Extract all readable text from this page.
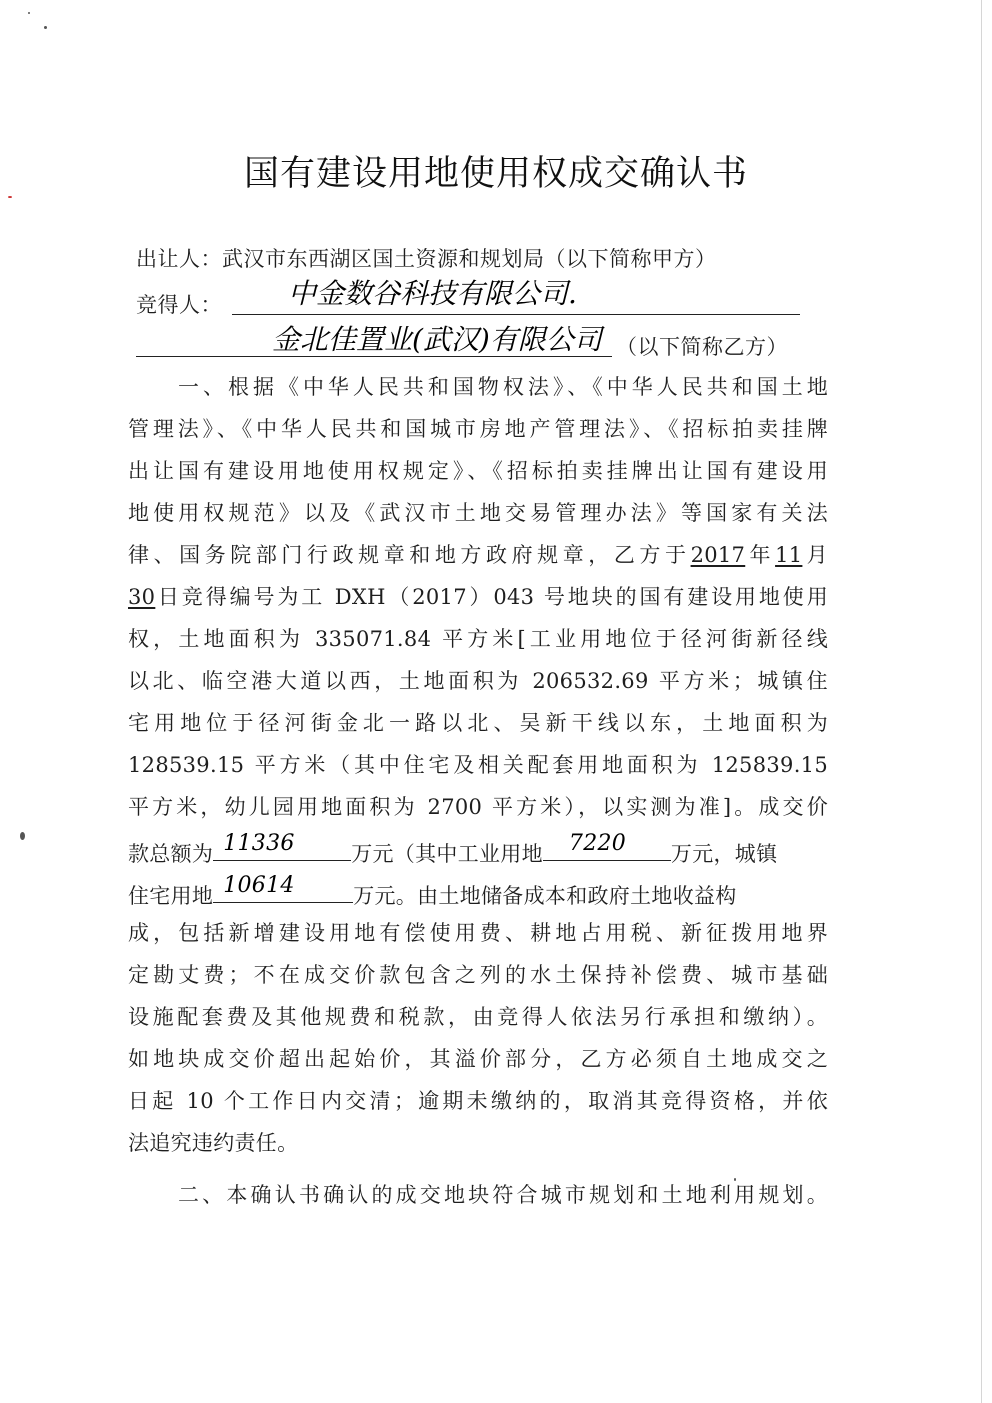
国有建设用地使用权成交确认书
出让人：武汉市东西湖区国土资源和规划局（以下简称甲方）
竞得人： 中金数谷科技有限公司.
金北佳置业(武汉)有限公司 （以下简称乙方）
一、根据《中华人民共和国物权法》、《中华人民共和国土地
管理法》、《中华人民共和国城市房地产管理法》、《招标拍卖挂牌
出让国有建设用地使用权规定》、《招标拍卖挂牌出让国有建设用
地使用权规范》以及《武汉市土地交易管理办法》等国家有关法
律、国务院部门行政规章和地方政府规章，乙方于2017年11月
30日竞得编号为工 DXH（2017）043 号地块的国有建设用地使用
权，土地面积为 335071.84 平方米[工业用地位于径河街新径线
以北、临空港大道以西，土地面积为 206532.69 平方米；城镇住
宅用地位于径河街金北一路以北、吴新干线以东，土地面积为
128539.15 平方米（其中住宅及相关配套用地面积为 125839.15
平方米，幼儿园用地面积为 2700 平方米），以实测为准]。成交价
款总额为 11336	万元（其中工业用地 7220 万元，城镇
住宅用地 10614	万元。由土地储备成本和政府土地收益构
成，包括新增建设用地有偿使用费、耕地占用税、新征拨用地界
定勘丈费；不在成交价款包含之列的水土保持补偿费、城市基础
设施配套费及其他规费和税款，由竞得人依法另行承担和缴纳）。
如地块成交价超出起始价，其溢价部分，乙方必须自土地成交之
日起 10 个工作日内交清；逾期未缴纳的，取消其竞得资格，并依
法追究违约责任。
二、本确认书确认的成交地块符合城市规划和土地利用规划。
